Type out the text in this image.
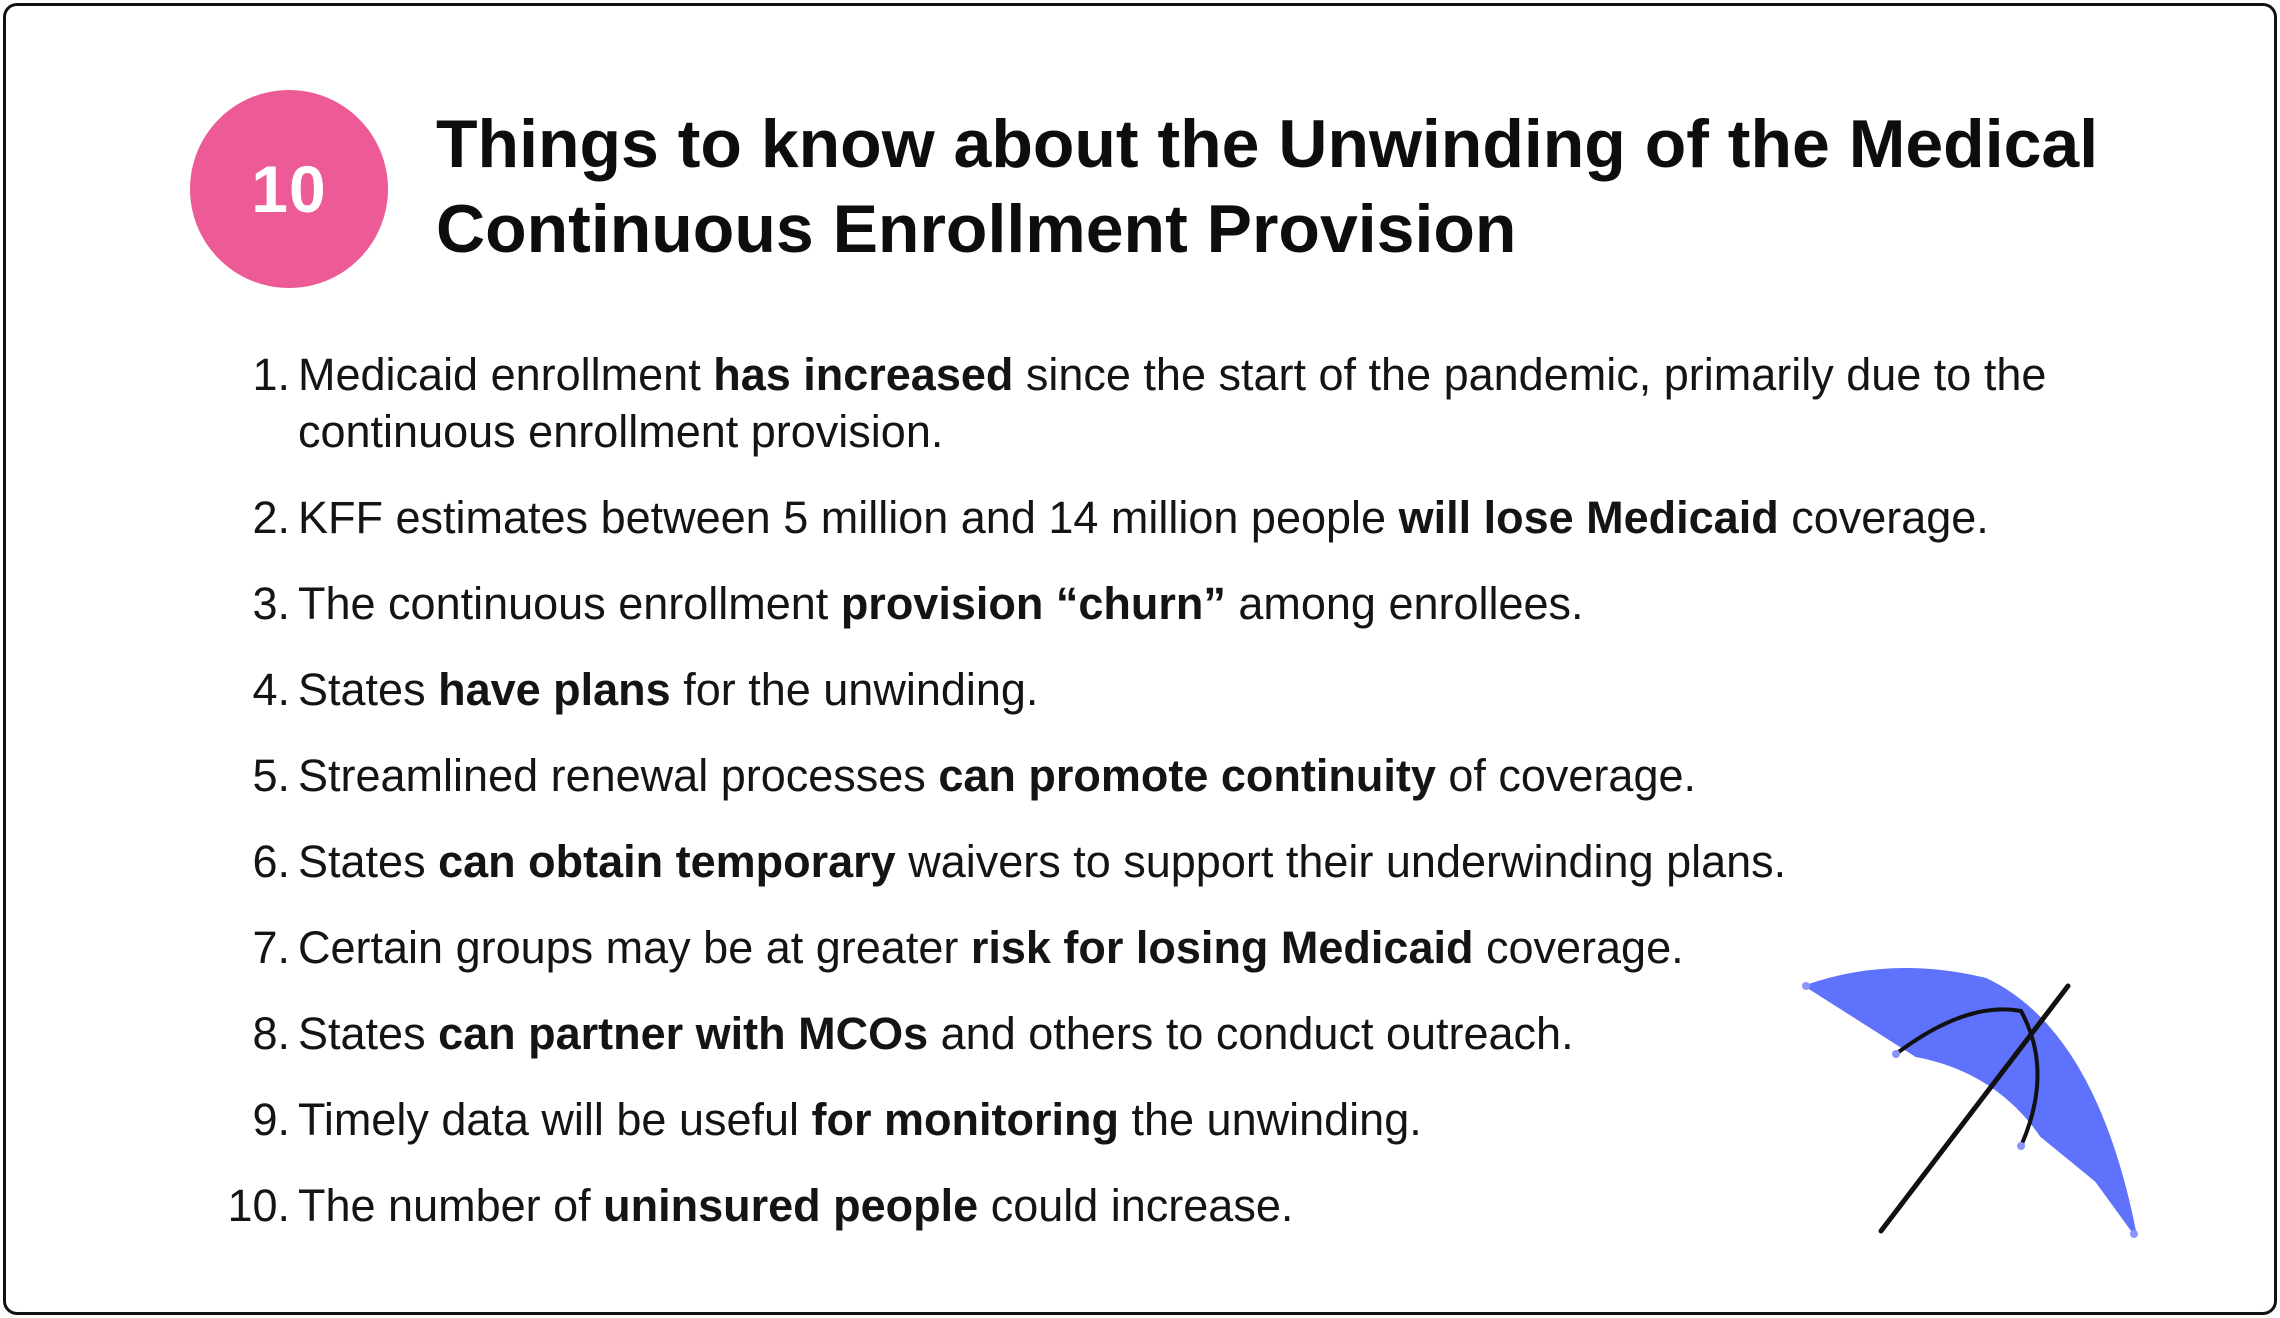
10
Things to know about the Unwinding of the Medical Continuous Enrollment Provision
1. Medicaid enrollment has increased since the start of the pandemic, primarily due to the continuous enrollment provision.
2. KFF estimates between 5 million and 14 million people will lose Medicaid coverage.
3. The continuous enrollment provision “churn” among enrollees.
4. States have plans for the unwinding.
5. Streamlined renewal processes can promote continuity of coverage.
6. States can obtain temporary waivers to support their underwinding plans.
7. Certain groups may be at greater risk for losing Medicaid coverage.
8. States can partner with MCOs and others to conduct outreach.
9. Timely data will be useful for monitoring the unwinding.
10. The number of uninsured people could increase.
